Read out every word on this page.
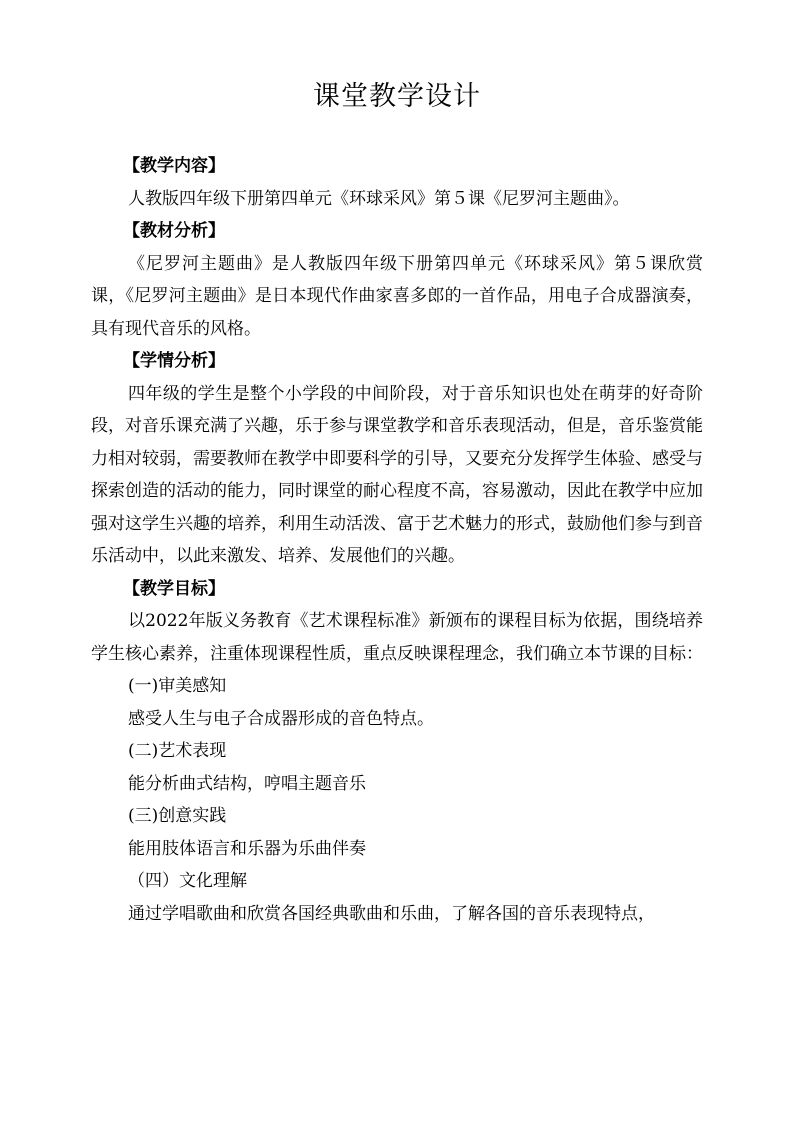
课堂教学设计

【教学内容】

人教版四年级下册第四单元《环球采风》第５课《尼罗河主题曲》。

【教材分析】

《尼罗河主题曲》是人教版四年级下册第四单元《环球采风》第５课欣赏课，《尼罗河主题曲》是日本现代作曲家喜多郎的一首作品，用电子合成器演奏，具有现代音乐的风格。

【学情分析】

四年级的学生是整个小学段的中间阶段，对于音乐知识也处在萌芽的好奇阶段，对音乐课充满了兴趣，乐于参与课堂教学和音乐表现活动，但是，音乐鉴赏能力相对较弱，需要教师在教学中即要科学的引导，又要充分发挥学生体验、感受与探索创造的活动的能力，同时课堂的耐心程度不高，容易激动，因此在教学中应加强对这学生兴趣的培养，利用生动活泼、富于艺术魅力的形式，鼓励他们参与到音乐活动中，以此来激发、培养、发展他们的兴趣。

【教学目标】

以2022年版义务教育《艺术课程标准》新颁布的课程目标为依据，围绕培养学生核心素养，注重体现课程性质，重点反映课程理念，我们确立本节课的目标：

(一)审美感知

感受人生与电子合成器形成的音色特点。

(二)艺术表现

能分析曲式结构，哼唱主题音乐

(三)创意实践

能用肢体语言和乐器为乐曲伴奏

（四）文化理解

通过学唱歌曲和欣赏各国经典歌曲和乐曲，了解各国的音乐表现特点，
